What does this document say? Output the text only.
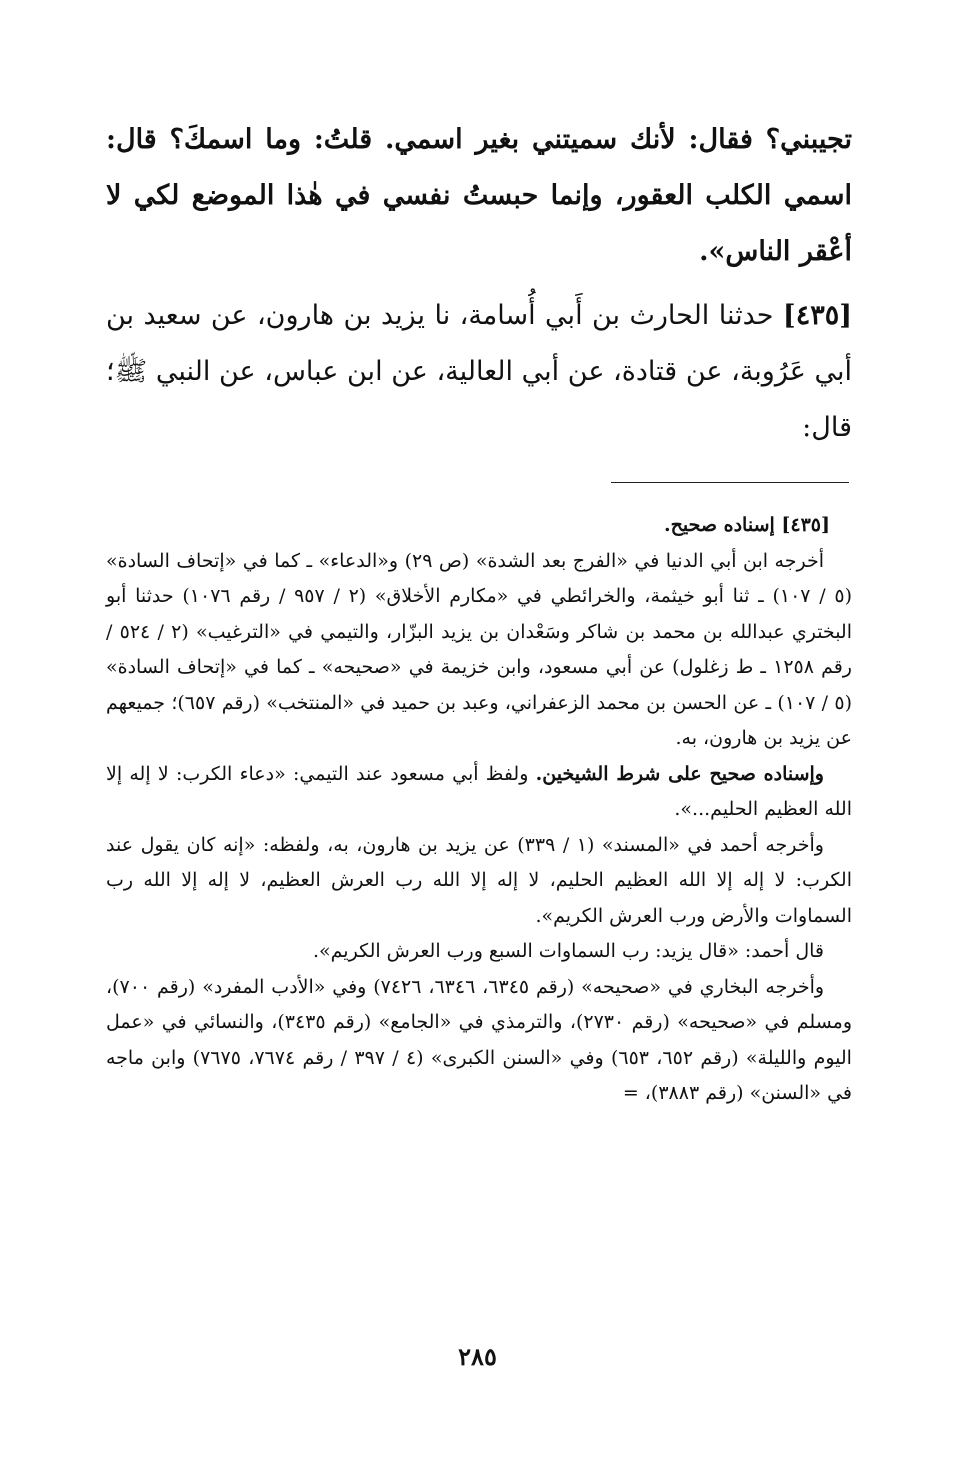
تجيبني؟ فقال: لأنك سميتني بغير اسمي. قلتُ: وما اسمكَ؟ قال: اسمي الكلب العقور، وإنما حبستُ نفسي في هٰذا الموضع لكي لا أعْقر الناس».

[٤٣٥] حدثنا الحارث بن أَبي أُسامة، نا يزيد بن هارون، عن سعيد بن أبي عَرُوبة، عن قتادة، عن أبي العالية، عن ابن عباس، عن النبي ﷺ؛ قال:

[٤٣٥] إسناده صحيح.

أخرجه ابن أبي الدنيا في «الفرج بعد الشدة» (ص ٢٩) و«الدعاء» ـ كما في «إتحاف السادة» (٥ / ١٠٧) ـ ثنا أبو خيثمة، والخرائطي في «مكارم الأخلاق» (٢ / ٩٥٧ / رقم ١٠٧٦) حدثنا أبو البختري عبدالله بن محمد بن شاكر وسَعْدان بن يزيد البزّار، والتيمي في «الترغيب» (٢ / ٥٢٤ / رقم ١٢٥٨ ـ ط زغلول) عن أبي مسعود، وابن خزيمة في «صحيحه» ـ كما في «إتحاف السادة» (٥ / ١٠٧) ـ عن الحسن بن محمد الزعفراني، وعبد بن حميد في «المنتخب» (رقم ٦٥٧)؛ جميعهم عن يزيد بن هارون، به.

وإسناده صحيح على شرط الشيخين. ولفظ أبي مسعود عند التيمي: «دعاء الكرب: لا إله إلا الله العظيم الحليم...».

وأخرجه أحمد في «المسند» (١ / ٣٣٩) عن يزيد بن هارون، به، ولفظه: «إنه كان يقول عند الكرب: لا إله إلا الله العظيم الحليم، لا إله إلا الله رب العرش العظيم، لا إله إلا الله رب السماوات والأرض ورب العرش الكريم».

قال أحمد: «قال يزيد: رب السماوات السبع ورب العرش الكريم».

وأخرجه البخاري في «صحيحه» (رقم ٦٣٤٥، ٦٣٤٦، ٧٤٢٦) وفي «الأدب المفرد» (رقم ٧٠٠)، ومسلم في «صحيحه» (رقم ٢٧٣٠)، والترمذي في «الجامع» (رقم ٣٤٣٥)، والنسائي في «عمل اليوم والليلة» (رقم ٦٥٢، ٦٥٣) وفي «السنن الكبرى» (٤ / ٣٩٧ / رقم ٧٦٧٤، ٧٦٧٥) وابن ماجه في «السنن» (رقم ٣٨٨٣)، =

٢٨٥
